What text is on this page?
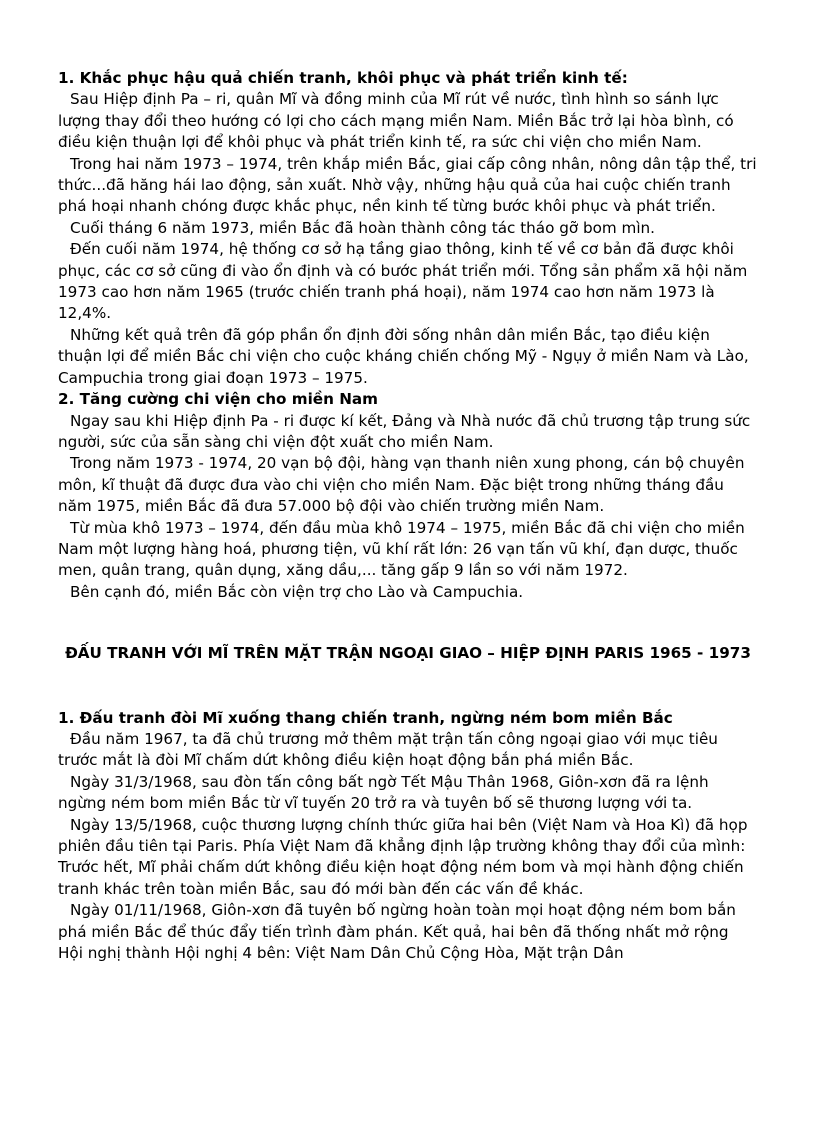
1. Khắc phục hậu quả chiến tranh, khôi phục và phát triển kinh tế:

Sau Hiệp định Pa – ri, quân Mĩ và đồng minh của Mĩ rút về nước, tình hình so sánh lực lượng thay đổi theo hướng có lợi cho cách mạng miền Nam. Miền Bắc trở lại hòa bình, có điều kiện thuận lợi để khôi phục và phát triển kinh tế, ra sức chi viện cho miền Nam.

Trong hai năm 1973 – 1974, trên khắp miền Bắc, giai cấp công nhân, nông dân tập thể, tri thức...đã hăng hái lao động, sản xuất. Nhờ vậy, những hậu quả của hai cuộc chiến tranh phá hoại nhanh chóng được khắc phục, nền kinh tế từng bước khôi phục và phát triển.

Cuối tháng 6 năm 1973, miền Bắc đã hoàn thành công tác tháo gỡ bom mìn.

Đến cuối năm 1974, hệ thống cơ sở hạ tầng giao thông, kinh tế về cơ bản đã được khôi phục, các cơ sở cũng đi vào ổn định và có bước phát triển mới. Tổng sản phẩm xã hội năm 1973 cao hơn năm 1965 (trước chiến tranh phá hoại), năm 1974 cao hơn năm 1973 là 12,4%.

Những kết quả trên đã góp phần ổn định đời sống nhân dân miền Bắc, tạo điều kiện thuận lợi để miền Bắc chi viện cho cuộc kháng chiến chống Mỹ - Ngụy ở miền Nam và Lào, Campuchia trong giai đoạn 1973 – 1975.

2. Tăng cường chi viện cho miền Nam

Ngay sau khi Hiệp định Pa - ri được kí kết, Đảng và Nhà nước đã chủ trương tập trung sức người, sức của sẵn sàng chi viện đột xuất cho miền Nam.

Trong năm 1973 - 1974, 20 vạn bộ đội, hàng vạn thanh niên xung phong, cán bộ chuyên môn, kĩ thuật đã được đưa vào chi viện cho miền Nam. Đặc biệt trong những tháng đầu năm 1975, miền Bắc đã đưa 57.000 bộ đội vào chiến trường miền Nam.

Từ mùa khô 1973 – 1974, đến đầu mùa khô 1974 – 1975, miền Bắc đã chi viện cho miền Nam một lượng hàng hoá, phương tiện, vũ khí rất lớn: 26 vạn tấn vũ khí, đạn dược, thuốc men, quân trang, quân dụng, xăng dầu,... tăng gấp 9 lần so với năm 1972.

Bên cạnh đó, miền Bắc còn viện trợ cho Lào và Campuchia.

ĐẤU TRANH VỚI MĨ TRÊN MẶT TRẬN NGOẠI GIAO – HIỆP ĐỊNH PARIS 1965 - 1973

1. Đấu tranh đòi Mĩ xuống thang chiến tranh, ngừng ném bom miền Bắc

Đầu năm 1967, ta đã chủ trương mở thêm mặt trận tấn công ngoại giao với mục tiêu trước mắt là đòi Mĩ chấm dứt không điều kiện hoạt động bắn phá miền Bắc.

Ngày 31/3/1968, sau đòn tấn công bất ngờ Tết Mậu Thân 1968, Giôn-xơn đã ra lệnh ngừng ném bom miền Bắc từ vĩ tuyến 20 trở ra và tuyên bố sẽ thương lượng với ta.

Ngày 13/5/1968, cuộc thương lượng chính thức giữa hai bên (Việt Nam và Hoa Kì) đã họp phiên đầu tiên tại Paris. Phía Việt Nam đã khẳng định lập trường không thay đổi của mình: Trước hết, Mĩ phải chấm dứt không điều kiện hoạt động ném bom và mọi hành động chiến tranh khác trên toàn miền Bắc, sau đó mới bàn đến các vấn đề khác.

Ngày 01/11/1968, Giôn-xơn đã tuyên bố ngừng hoàn toàn mọi hoạt động ném bom bắn phá miền Bắc để thúc đẩy tiến trình đàm phán. Kết quả, hai bên đã thống nhất mở rộng Hội nghị thành Hội nghị 4 bên: Việt Nam Dân Chủ Cộng Hòa, Mặt trận Dân
